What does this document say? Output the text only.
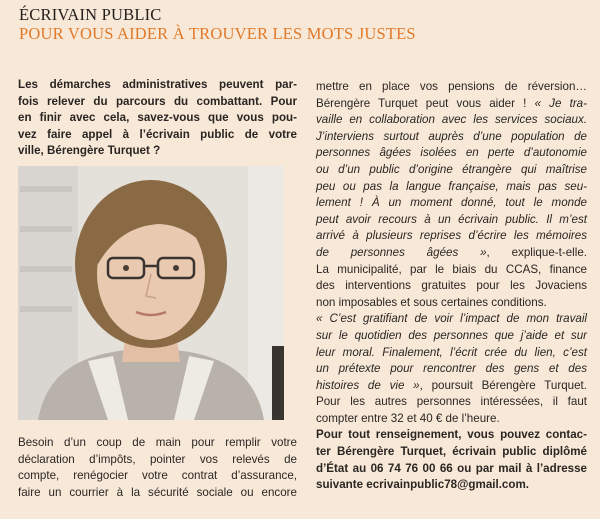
ÉCRIVAIN PUBLIC
POUR VOUS AIDER À TROUVER LES MOTS JUSTES
Les démarches administratives peuvent par-
fois relever du parcours du combattant. Pour
en finir avec cela, savez-vous que vous pou-
vez faire appel à l’écrivain public de votre
ville, Bérengère Turquet ?
Besoin d’un coup de main pour remplir votre
déclaration d’impôts, pointer vos relevés de
compte, renégocier votre contrat d’assurance,
faire un courrier à la sécurité sociale ou encore
mettre en place vos pensions de réversion…
Bérengère Turquet peut vous aider ! « Je tra-
vaille en collaboration avec les services sociaux.
J’interviens surtout auprès d’une population de
personnes âgées isolées en perte d’autonomie
ou d’un public d’origine étrangère qui maîtrise
peu ou pas la langue française, mais pas seu-
lement ! À un moment donné, tout le monde
peut avoir recours à un écrivain public. Il m’est
arrivé à plusieurs reprises d’écrire les mémoires
de personnes âgées », explique-t-elle.
La municipalité, par le biais du CCAS, finance
des interventions gratuites pour les Jovaciens
non imposables et sous certaines conditions.
« C’est gratifiant de voir l’impact de mon travail
sur le quotidien des personnes que j’aide et sur
leur moral. Finalement, l’écrit crée du lien, c’est
un prétexte pour rencontrer des gens et des
histoires de vie », poursuit Bérengère Turquet.
Pour les autres personnes intéressées, il faut
compter entre 32 et 40 € de l’heure.
Pour tout renseignement, vous pouvez contac-
ter Bérengère Turquet, écrivain public diplômé
d’État au 06 74 76 00 66 ou par mail à l’adresse
suivante ecrivainpublic78@gmail.com.
